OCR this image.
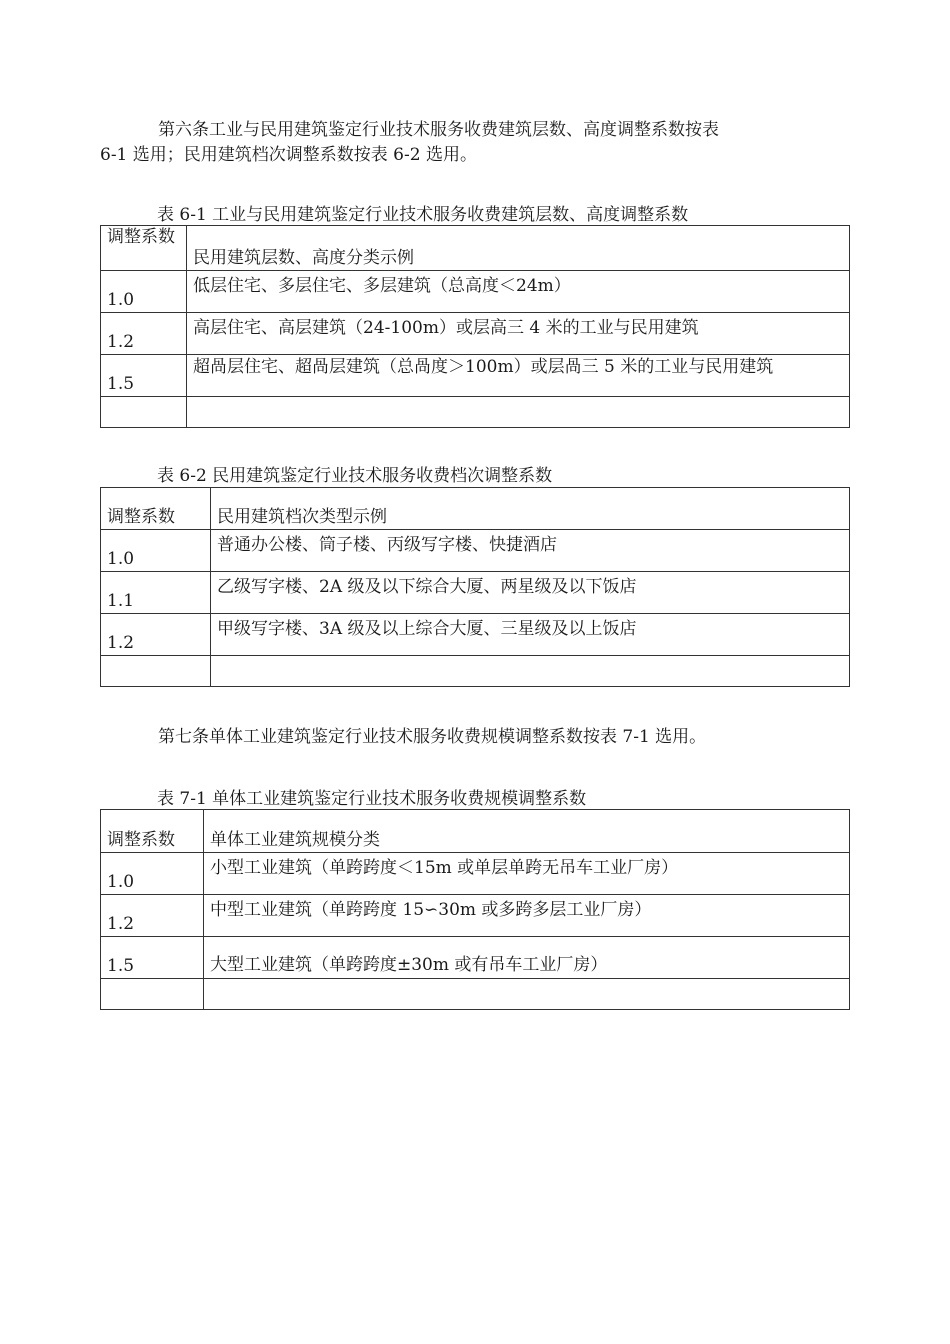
第六条工业与民用建筑鉴定行业技术服务收费建筑层数、高度调整系数按表
6-1 选用；民用建筑档次调整系数按表 6-2 选用。
表 6-1 工业与民用建筑鉴定行业技术服务收费建筑层数、高度调整系数
调整系数	民用建筑层数、高度分类示例
1.0	低层住宅、多层住宅、多层建筑（总高度＜24m）
1.2	高层住宅、高层建筑（24-100m）或层高三 4 米的工业与民用建筑
1.5	超咼层住宅、超咼层建筑（总咼度＞100m）或层咼三 5 米的工业与民用建筑

表 6-2 民用建筑鉴定行业技术服务收费档次调整系数
调整系数	民用建筑档次类型示例
1.0	普通办公楼、筒子楼、丙级写字楼、快捷酒店
1.1	乙级写字楼、2A 级及以下综合大厦、两星级及以下饭店
1.2	甲级写字楼、3A 级及以上综合大厦、三星级及以上饭店

第七条单体工业建筑鉴定行业技术服务收费规模调整系数按表 7-1 选用。
表 7-1 单体工业建筑鉴定行业技术服务收费规模调整系数
调整系数	单体工业建筑规模分类
1.0	小型工业建筑（单跨跨度＜15m 或单层单跨无吊车工业厂房）
1.2	中型工业建筑（单跨跨度 15∽30m 或多跨多层工业厂房）
1.5	大型工业建筑（单跨跨度±30m 或有吊车工业厂房）
